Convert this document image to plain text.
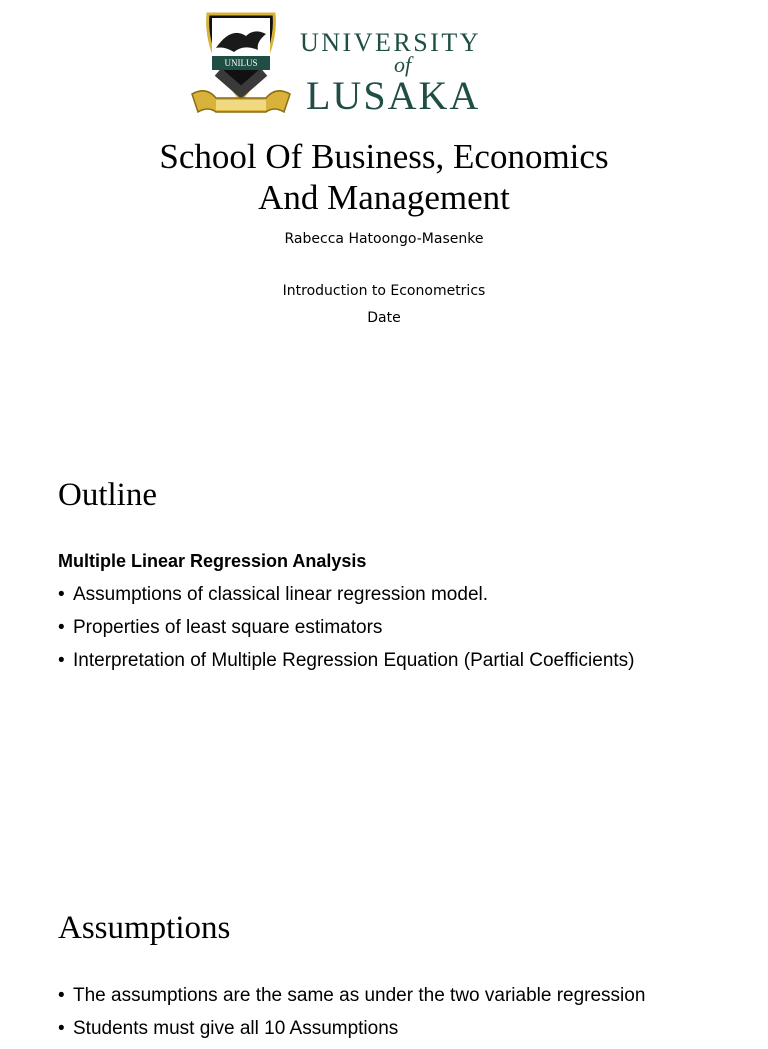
UNILUS
UNIVERSITY
of
LUSAKA
School Of Business, Economics
And Management
Rabecca Hatoongo-Masenke
Introduction to Econometrics
Date
Outline
Multiple Linear Regression Analysis
• Assumptions of classical linear regression model.
• Properties of least square estimators
• Interpretation of Multiple Regression Equation (Partial Coefficients)
Assumptions
• The assumptions are the same as under the two variable regression
• Students must give all 10 Assumptions
